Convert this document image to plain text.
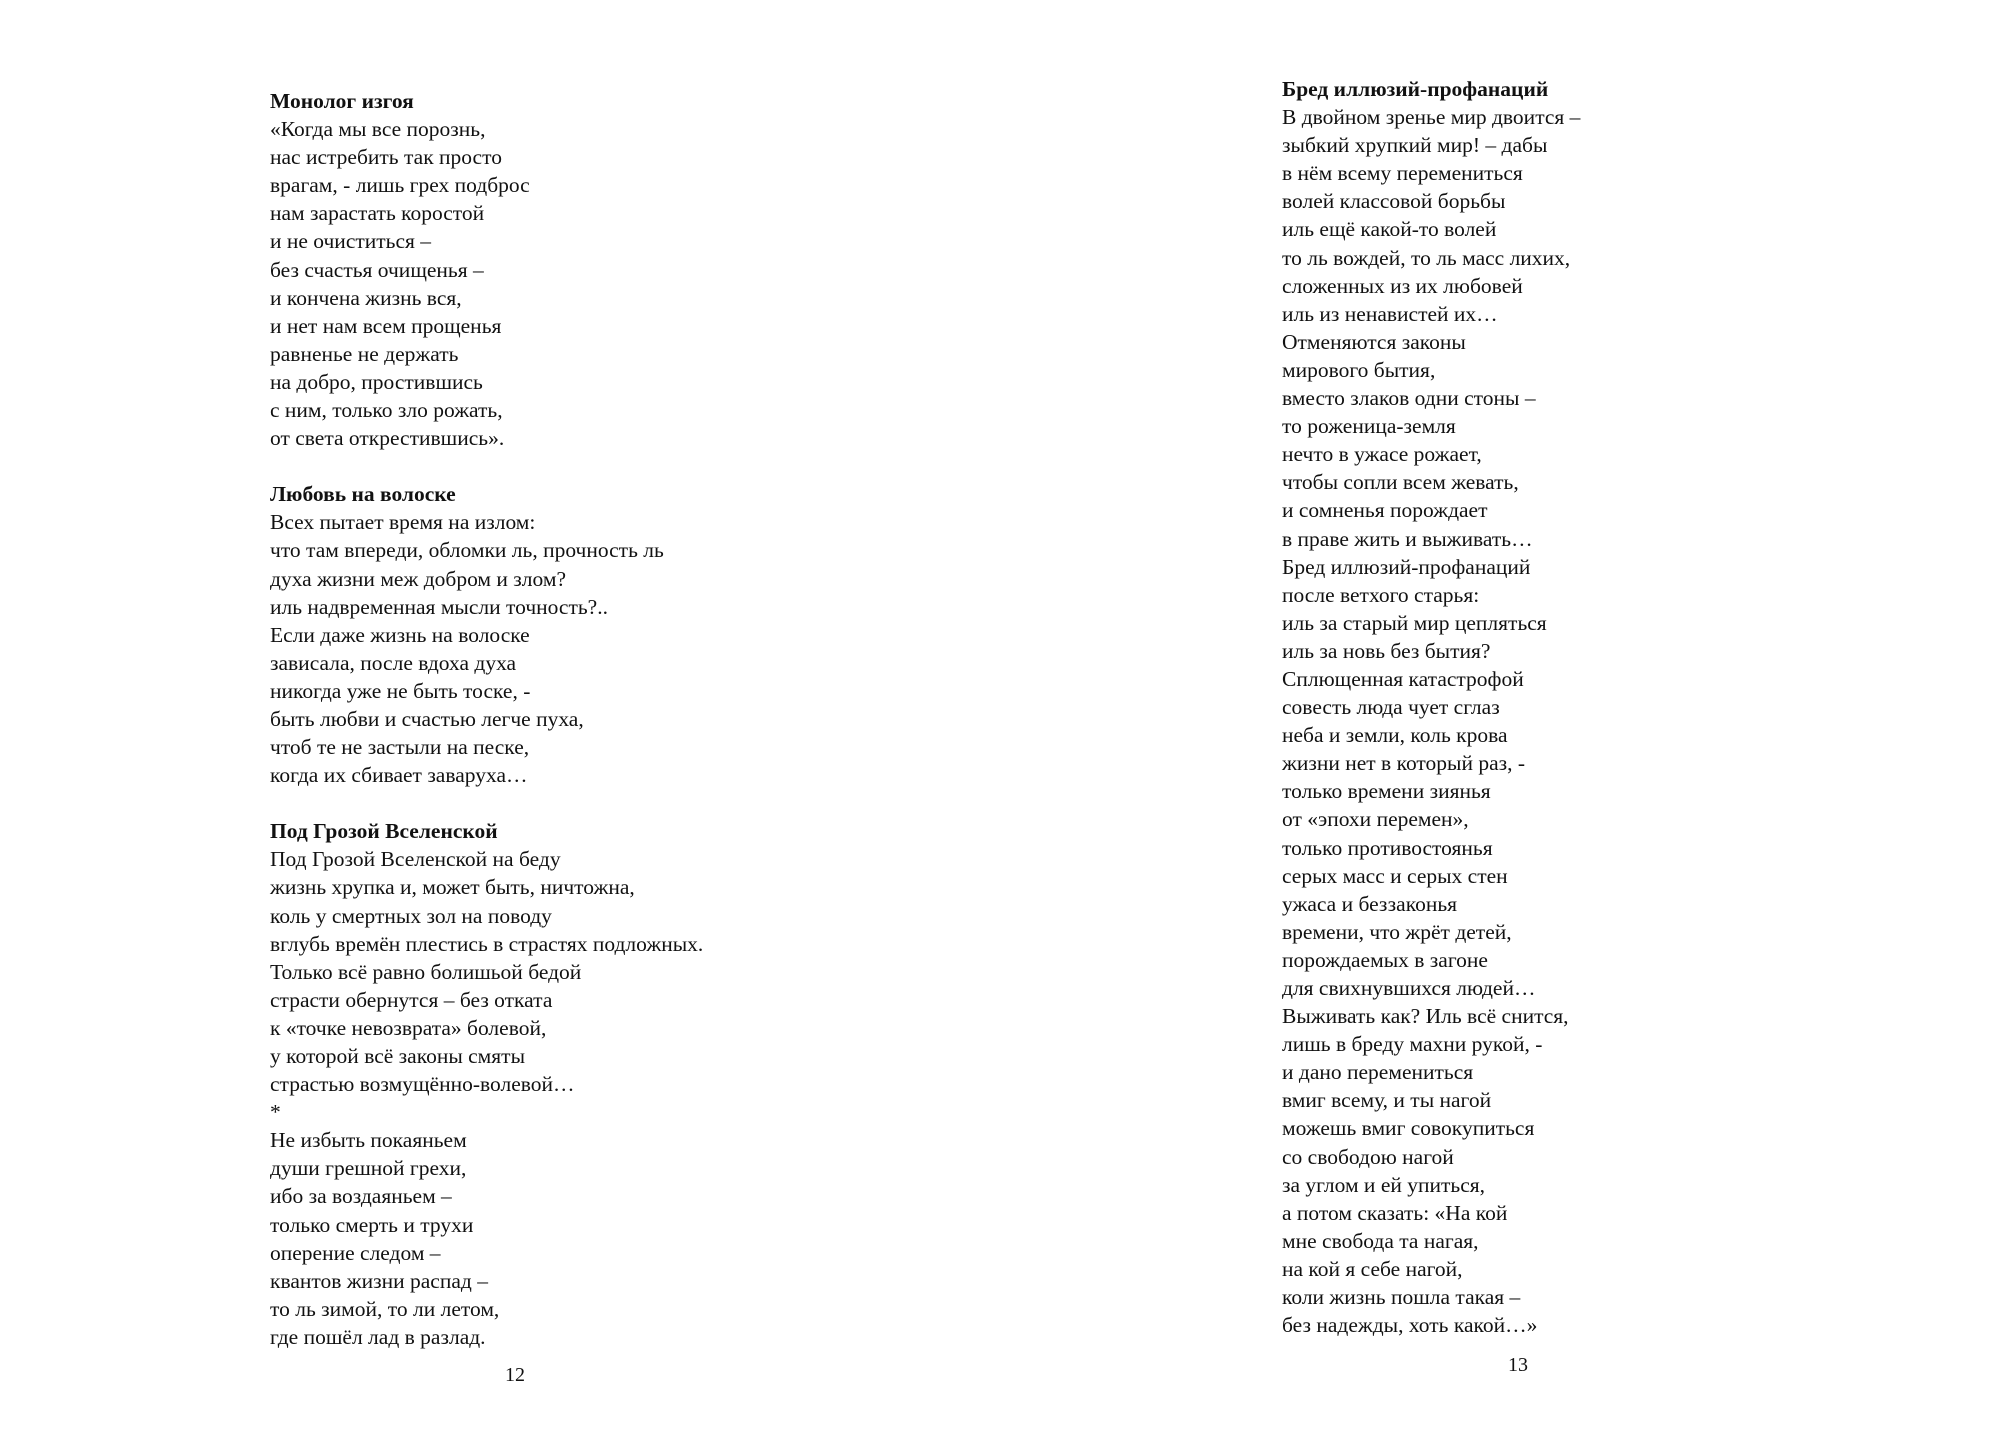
Монолог изгоя
«Когда мы все порознь,
нас истребить так просто
врагам, - лишь грех подброс
нам зарастать коростой
и не очиститься –
без счастья очищенья –
и кончена жизнь вся,
и нет нам всем прощенья
равненье не держать
на добро, простившись
с ним, только зло рожать,
от света открестившись».
Любовь на волоске
Всех пытает время на излом:
что там впереди, обломки ль, прочность ль
духа жизни меж добром и злом?
иль надвременная мысли точность?..
Если даже жизнь на волоске
зависала, после вдоха духа
никогда уже не быть тоске, -
быть любви и счастью легче пуха,
чтоб те не застыли на песке,
когда их сбивает заваруха…
Под Грозой Вселенской
Под Грозой Вселенской на беду
жизнь хрупка и, может быть, ничтожна,
коль у смертных зол на поводу
вглубь времён плестись в страстях подложных.
Только всё равно болишьой бедой
страсти обернутся – без отката
к «точке невозврата» болевой,
у которой всё законы смяты
страстью возмущённо-волевой…
*
Не избыть покаяньем
души грешной грехи,
ибо за воздаяньем –
только смерть и трухи
оперение следом –
квантов жизни распад –
то ль зимой, то ли летом,
где пошёл лад в разлад.
12
Бред иллюзий-профанаций
В двойном зренье мир двоится –
зыбкий хрупкий мир! – дабы
в нём всему перемениться
волей классовой борьбы
иль ещё какой-то волей
то ль вождей, то ль масс лихих,
сложенных из их любовей
иль из ненавистей их…
Отменяются законы
мирового бытия,
вместо злаков одни стоны –
то роженица-земля
нечто в ужасе рожает,
чтобы сопли всем жевать,
и сомненья порождает
в праве жить и выживать…
Бред иллюзий-профанаций
после ветхого старья:
иль за старый мир цепляться
иль за новь без бытия?
Сплющенная катастрофой
совесть люда чует сглаз
неба и земли, коль крова
жизни нет в который раз, -
только времени зиянья
от «эпохи перемен»,
только противостоянья
серых масс и серых стен
ужаса и беззаконья
времени, что жрёт детей,
порождаемых в загоне
для свихнувшихся людей…
Выживать как? Иль всё снится,
лишь в бреду махни рукой, -
и дано перемениться
вмиг всему, и ты нагой
можешь вмиг совокупиться
со свободою нагой
за углом и ей упиться,
а потом сказать: «На кой
мне свобода та нагая,
на кой я себе нагой,
коли жизнь пошла такая –
без надежды, хоть какой…»
13
